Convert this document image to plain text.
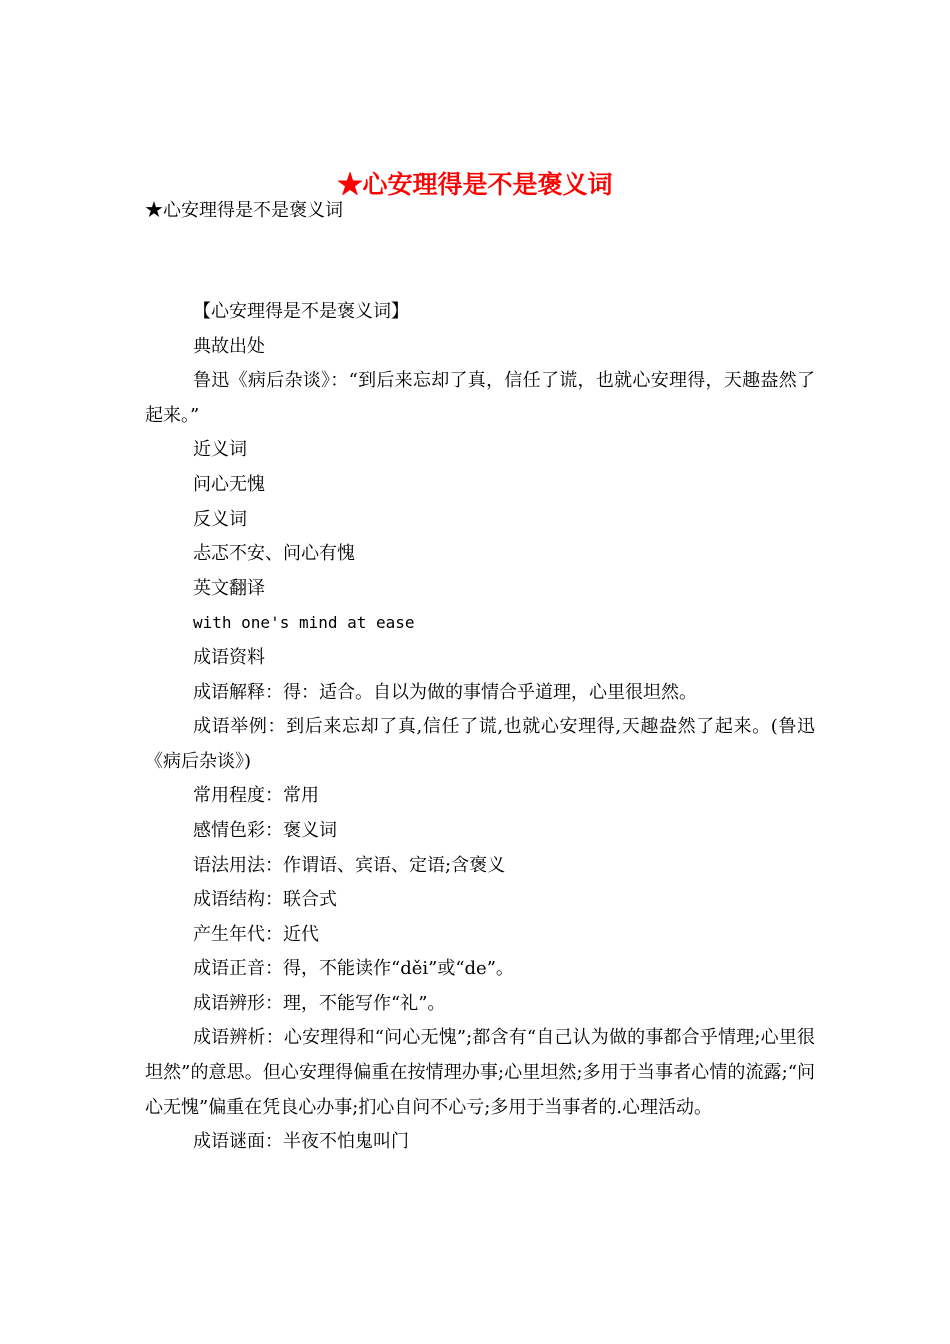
★心安理得是不是褒义词
★心安理得是不是褒义词

【心安理得是不是褒义词】

典故出处

鲁迅《病后杂谈》：“到后来忘却了真，信任了谎，也就心安理得，天趣盎然了起来。”

近义词

问心无愧

反义词

忐忑不安、问心有愧

英文翻译

with one's mind at ease

成语资料

成语解释：得：适合。自以为做的事情合乎道理，心里很坦然。

成语举例：到后来忘却了真,信任了谎,也就心安理得,天趣盎然了起来。(鲁迅《病后杂谈》)

常用程度：常用

感情色彩：褒义词

语法用法：作谓语、宾语、定语;含褒义

成语结构：联合式

产生年代：近代

成语正音：得，不能读作“děi”或“de”。

成语辨形：理，不能写作“礼”。

成语辨析：心安理得和“问心无愧”;都含有“自己认为做的事都合乎情理;心里很坦然”的意思。但心安理得偏重在按情理办事;心里坦然;多用于当事者心情的流露;“问心无愧”偏重在凭良心办事;扪心自问不心亏;多用于当事者的.心理活动。

成语谜面：半夜不怕鬼叫门
